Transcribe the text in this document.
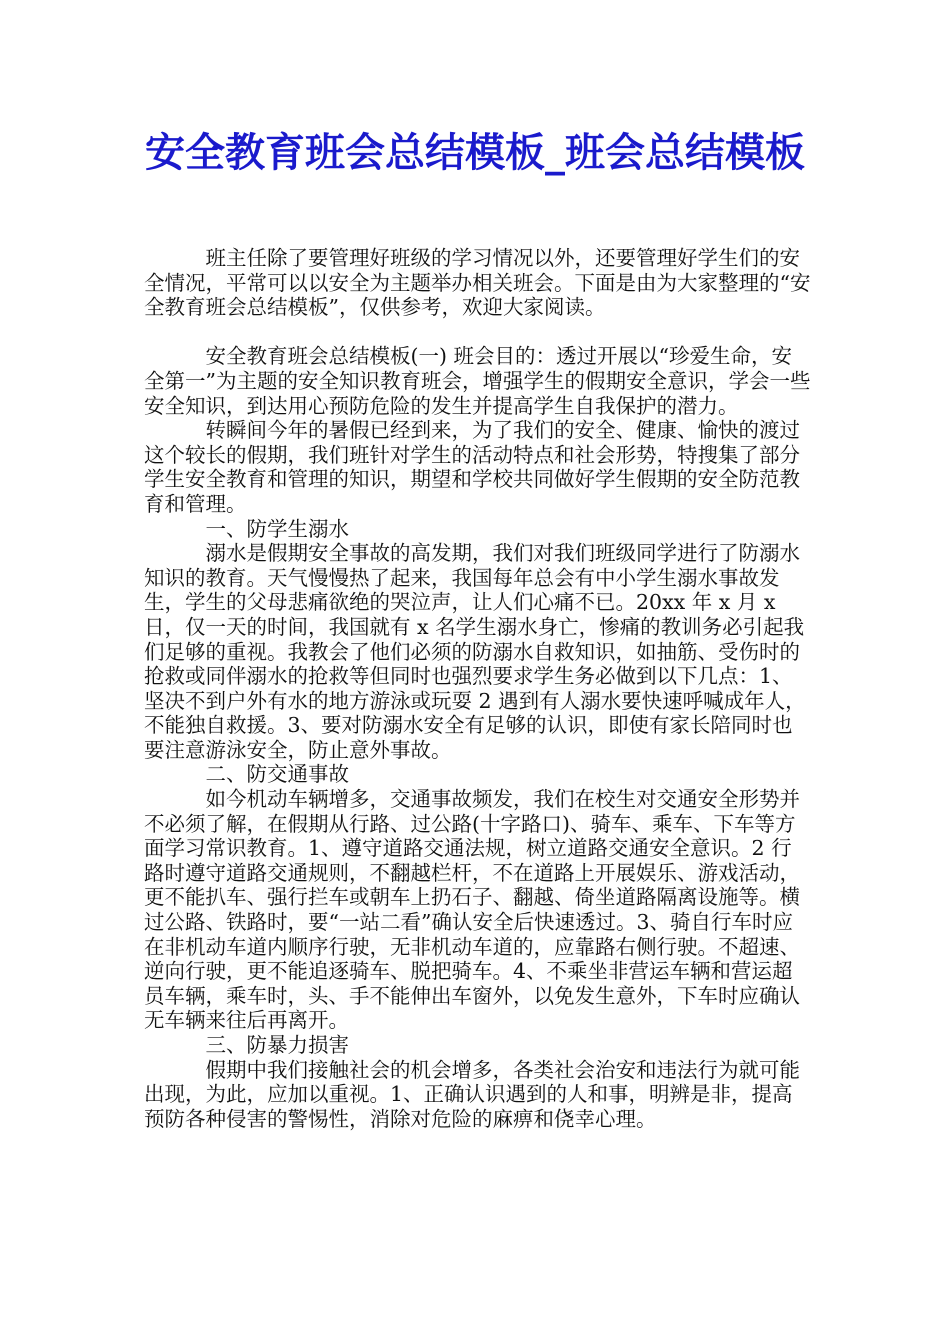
安全教育班会总结模板_班会总结模板

班主任除了要管理好班级的学习情况以外，还要管理好学生们的安全情况，平常可以以安全为主题举办相关班会。下面是由为大家整理的“安全教育班会总结模板”，仅供参考，欢迎大家阅读。

安全教育班会总结模板(一) 班会目的：透过开展以“珍爱生命，安全第一”为主题的安全知识教育班会，增强学生的假期安全意识，学会一些安全知识，到达用心预防危险的发生并提高学生自我保护的潜力。

转瞬间今年的暑假已经到来，为了我们的安全、健康、愉快的渡过这个较长的假期，我们班针对学生的活动特点和社会形势，特搜集了部分学生安全教育和管理的知识，期望和学校共同做好学生假期的安全防范教育和管理。

一、防学生溺水

溺水是假期安全事故的高发期，我们对我们班级同学进行了防溺水知识的教育。天气慢慢热了起来，我国每年总会有中小学生溺水事故发生，学生的父母悲痛欲绝的哭泣声，让人们心痛不已。20xx 年 x 月 x 日，仅一天的时间，我国就有 x 名学生溺水身亡，惨痛的教训务必引起我们足够的重视。我教会了他们必须的防溺水自救知识，如抽筋、受伤时的抢救或同伴溺水的抢救等但同时也强烈要求学生务必做到以下几点：1、坚决不到户外有水的地方游泳或玩耍 2 遇到有人溺水要快速呼喊成年人，不能独自救援。3、要对防溺水安全有足够的认识，即使有家长陪同时也要注意游泳安全，防止意外事故。

二、防交通事故

如今机动车辆增多，交通事故频发，我们在校生对交通安全形势并不必须了解，在假期从行路、过公路(十字路口)、骑车、乘车、下车等方面学习常识教育。1、遵守道路交通法规，树立道路交通安全意识。2 行路时遵守道路交通规则，不翻越栏杆，不在道路上开展娱乐、游戏活动，更不能扒车、强行拦车或朝车上扔石子、翻越、倚坐道路隔离设施等。横过公路、铁路时，要“一站二看”确认安全后快速透过。3、骑自行车时应在非机动车道内顺序行驶，无非机动车道的，应靠路右侧行驶。不超速、逆向行驶，更不能追逐骑车、脱把骑车。4、不乘坐非营运车辆和营运超员车辆，乘车时，头、手不能伸出车窗外，以免发生意外，下车时应确认无车辆来往后再离开。

三、防暴力损害

假期中我们接触社会的机会增多，各类社会治安和违法行为就可能出现，为此，应加以重视。1、正确认识遇到的人和事，明辨是非，提高预防各种侵害的警惕性，消除对危险的麻痹和侥幸心理。
